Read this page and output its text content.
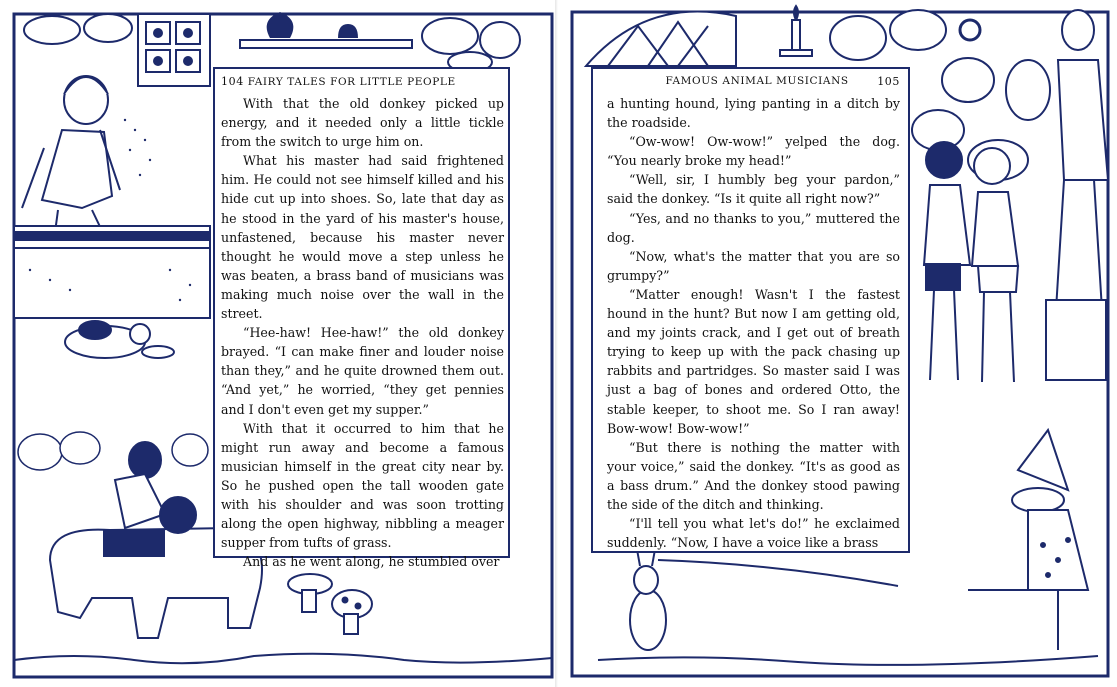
104 FAIRY TALES FOR LITTLE PEOPLE

With that the old donkey picked up energy, and it needed only a little tickle from the switch to urge him on.

What his master had said frightened him. He could not see himself killed and his hide cut up into shoes. So, late that day as he stood in the yard of his master's house, unfastened, because his master never thought he would move a step unless he was beaten, a brass band of musicians was making much noise over the wall in the street.

“Hee-haw! Hee-haw!” the old donkey brayed. “I can make finer and louder noise than they,” and he quite drowned them out. “And yet,” he worried, “they get pennies and I don't even get my supper.”

With that it occurred to him that he might run away and become a famous musician himself in the great city near by. So he pushed open the tall wooden gate with his shoulder and was soon trotting along the open highway, nibbling a meager supper from tufts of grass.

And as he went along, he stumbled over

FAMOUS ANIMAL MUSICIANS	105

a hunting hound, lying panting in a ditch by the roadside.

“Ow-wow! Ow-wow!” yelped the dog. “You nearly broke my head!”

“Well, sir, I humbly beg your pardon,” said the donkey. “Is it quite all right now?”

“Yes, and no thanks to you,” muttered the dog.

“Now, what's the matter that you are so grumpy?”

“Matter enough! Wasn't I the fastest hound in the hunt? But now I am getting old, and my joints crack, and I get out of breath trying to keep up with the pack chasing up rabbits and partridges. So master said I was just a bag of bones and ordered Otto, the stable keeper, to shoot me. So I ran away! Bow-wow! Bow-wow!”

“But there is nothing the matter with your voice,” said the donkey. “It's as good as a bass drum.” And the donkey stood pawing the side of the ditch and thinking.

“I'll tell you what let's do!” he exclaimed suddenly. “Now, I have a voice like a brass
